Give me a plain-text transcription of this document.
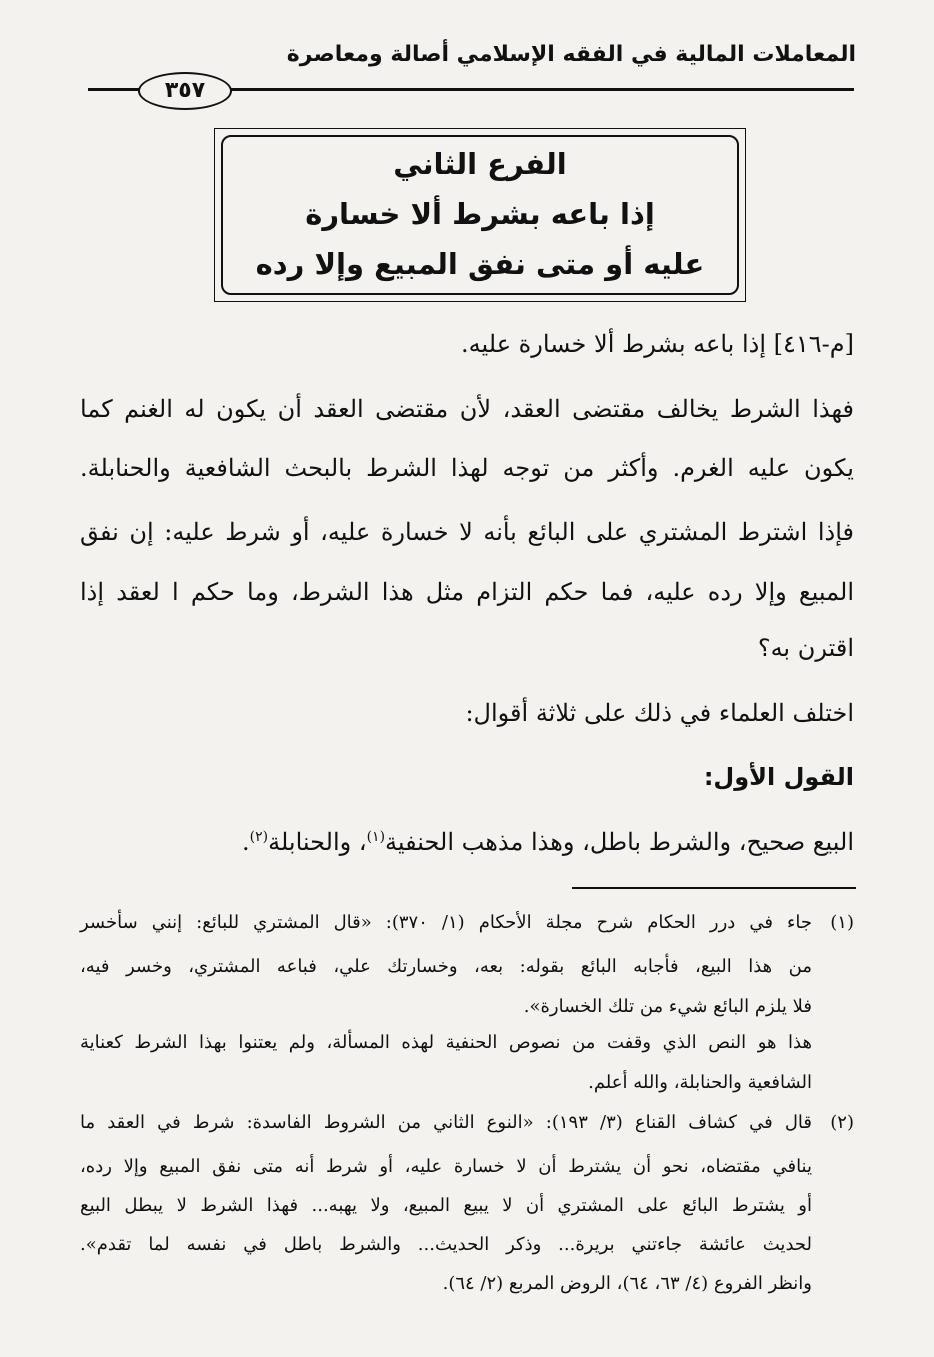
المعاملات المالية في الفقه الإسلامي أصالة ومعاصرة
٣٥٧
الفرع الثاني
إذا باعه بشرط ألا خسارة
عليه أو متى نفق المبيع وإلا رده
[م-٤١٦] إذا باعه بشرط ألا خسارة عليه.
فهذا الشرط يخالف مقتضى العقد، لأن مقتضى العقد أن يكون له الغنم كما
يكون عليه الغرم. وأكثر من توجه لهذا الشرط بالبحث الشافعية والحنابلة.
فإذا اشترط المشتري على البائع بأنه لا خسارة عليه، أو شرط عليه: إن نفق
المبيع وإلا رده عليه، فما حكم التزام مثل هذا الشرط، وما حكم ا لعقد إذا
اقترن به؟
اختلف العلماء في ذلك على ثلاثة أقوال:
القول الأول:
البيع صحيح، والشرط باطل، وهذا مذهب الحنفية$^{(١)}$، والحنابلة$^{(٢)}$.
(١)
جاء في درر الحكام شرح مجلة الأحكام (١/ ٣٧٠): «قال المشتري للبائع: إنني سأخسر
من هذا البيع، فأجابه البائع بقوله: بعه، وخسارتك علي، فباعه المشتري، وخسر فيه،
فلا يلزم البائع شيء من تلك الخسارة».
هذا هو النص الذي وقفت من نصوص الحنفية لهذه المسألة، ولم يعتنوا بهذا الشرط كعناية
الشافعية والحنابلة، والله أعلم.
(٢)
قال في كشاف القناع (٣/ ١٩٣): «النوع الثاني من الشروط الفاسدة: شرط في العقد ما
ينافي مقتضاه، نحو أن يشترط أن لا خسارة عليه، أو شرط أنه متى نفق المبيع وإلا رده،
أو يشترط البائع على المشتري أن لا يبيع المبيع، ولا يهبه... فهذا الشرط لا يبطل البيع
لحديث عائشة جاءتني بريرة... وذكر الحديث... والشرط باطل في نفسه لما تقدم».
وانظر الفروع (٤/ ٦٣، ٦٤)، الروض المربع (٢/ ٦٤).
